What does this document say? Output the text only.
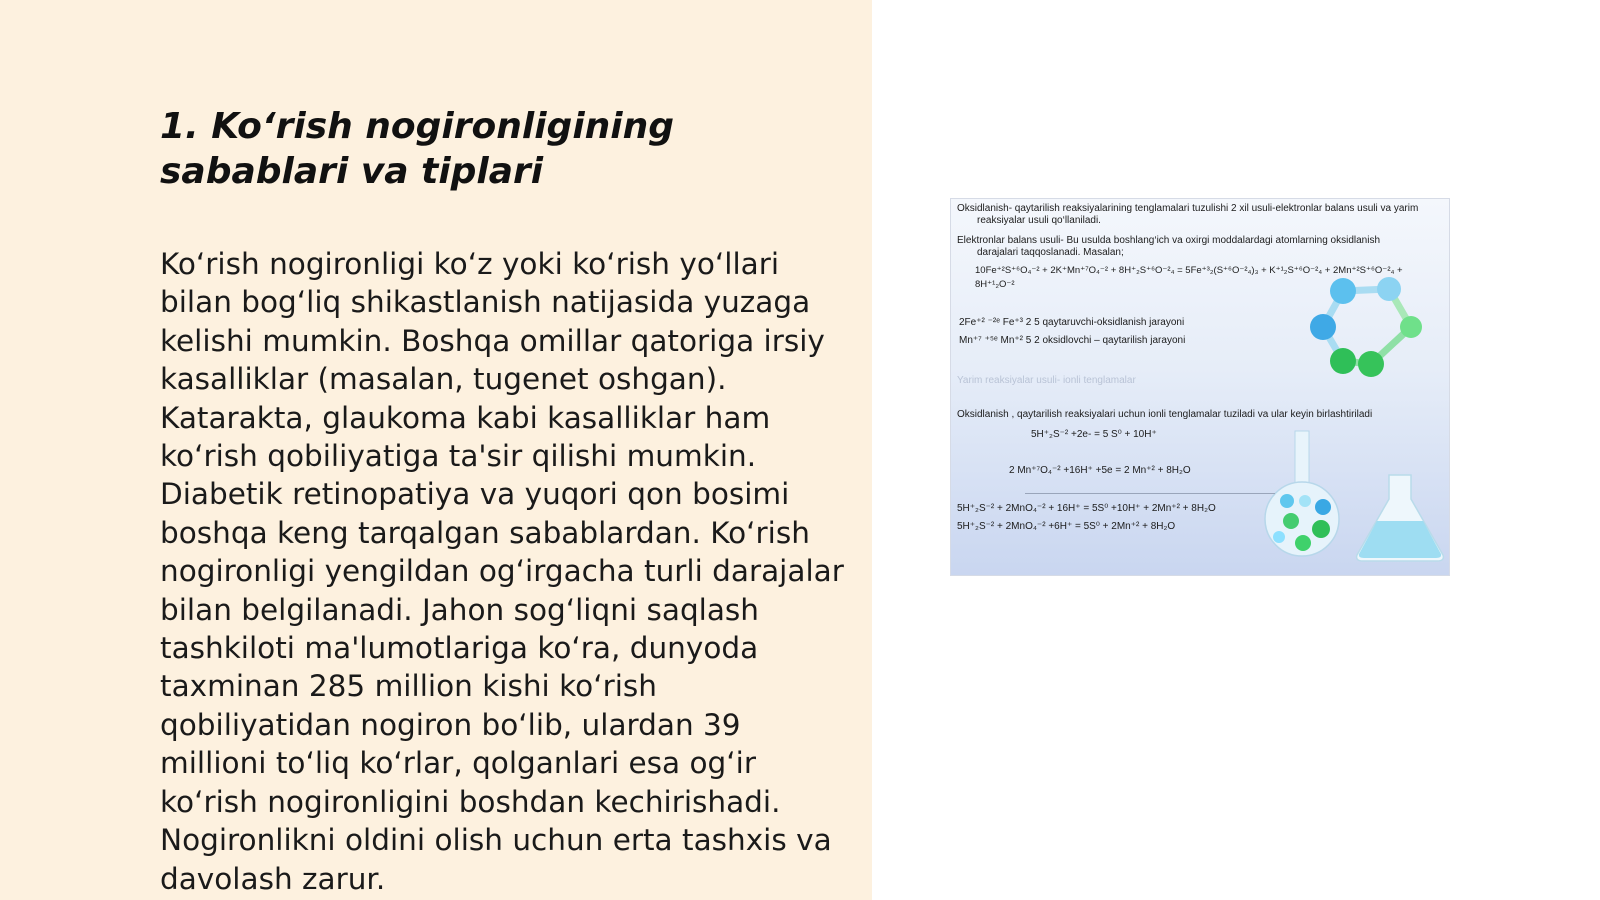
1. Ko‘rish nogironligining sabablari va tiplari

Ko‘rish nogironligi ko‘z yoki ko‘rish yo‘llari bilan bog‘liq shikastlanish natijasida yuzaga kelishi mumkin. Boshqa omillar qatoriga irsiy kasalliklar (masalan, tugenet oshgan). Katarakta, glaukoma kabi kasalliklar ham ko‘rish qobiliyatiga ta'sir qilishi mumkin. Diabetik retinopatiya va yuqori qon bosimi boshqa keng tarqalgan sabablardan. Ko‘rish nogironligi yengildan og‘irgacha turli darajalar bilan belgilanadi. Jahon sog‘liqni saqlash tashkiloti ma'lumotlariga ko‘ra, dunyoda taxminan 285 million kishi ko‘rish qobiliyatidan nogiron bo‘lib, ulardan 39 millioni to‘liq ko‘rlar, qolganlari esa og‘ir ko‘rish nogironligini boshdan kechirishadi. Nogironlikni oldini olish uchun erta tashxis va davolash zarur.

Oksidlanish- qaytarilish reaksiyalarining tenglamalari tuzulishi 2 xil usuli-elektronlar balans usuli va yarim
reaksiyalar usuli qo‘llaniladi.
Elektronlar balans usuli- Bu usulda boshlang‘ich va oxirgi moddalardagi atomlarning oksidlanish
darajalari taqqoslanadi. Masalan;
10Fe⁺²S⁺⁶O₄⁻² + 2K⁺Mn⁺⁷O₄⁻² + 8H⁺₂S⁺⁶O⁻²₄ = 5Fe⁺³₂(S⁺⁶O⁻²₄)₃ + K⁺¹₂S⁺⁶O⁻²₄ + 2Mn⁺²S⁺⁶O⁻²₄ +
8H⁺¹₂O⁻²
2Fe⁺² ⁻²ᵉ Fe⁺³ 2 5 qaytaruvchi-oksidlanish jarayoni
Mn⁺⁷ ⁺⁵ᵉ Mn⁺² 5 2 oksidlovchi – qaytarilish jarayoni
Yarim reaksiyalar usuli- ionli tenglamalar
Oksidlanish , qaytarilish reaksiyalari uchun ionli tenglamalar tuziladi va ular keyin birlashtiriladi
5H⁺₂S⁻² +2e- = 5 S⁰ + 10H⁺
2 Mn⁺⁷O₄⁻² +16H⁺ +5e = 2 Mn⁺² + 8H₂O
5H⁺₂S⁻² + 2MnO₄⁻² + 16H⁺ = 5S⁰ +10H⁺ + 2Mn⁺² + 8H₂O
5H⁺₂S⁻² + 2MnO₄⁻² +6H⁺ = 5S⁰ + 2Mn⁺² + 8H₂O
